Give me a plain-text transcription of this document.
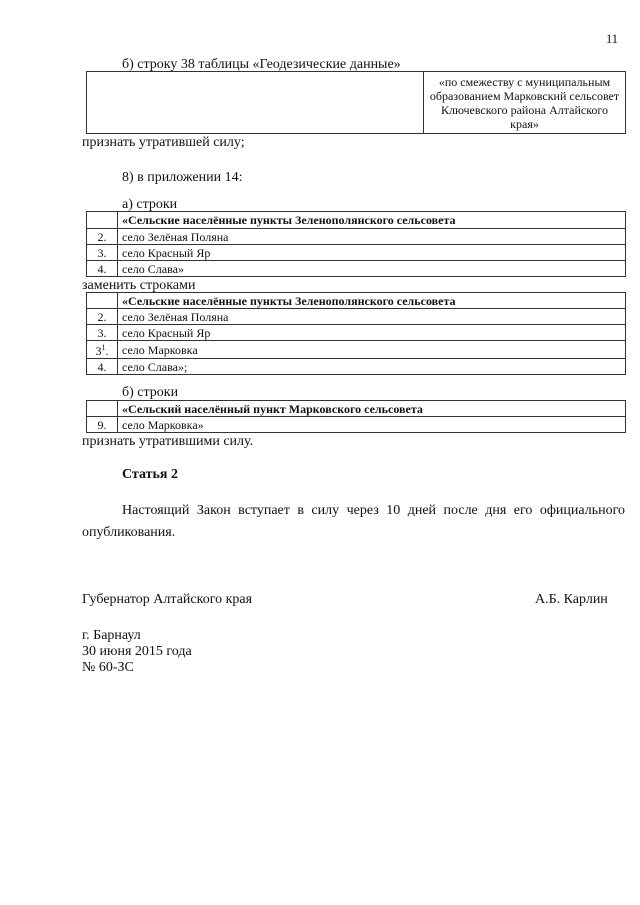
11
б) строку 38 таблицы «Геодезические данные»
	«по смежеству с муниципальным образованием Марковский сельсовет Ключевского района Алтайского края»
признать утратившей силу;
8) в приложении 14:
а) строки
	«Сельские населённые пункты Зеленополянского сельсовета
2.	село Зелёная Поляна
3.	село Красный Яр
4.	село Слава»
заменить строками
	«Сельские населённые пункты Зеленополянского сельсовета
2.	село Зелёная Поляна
3.	село Красный Яр
$3^1$.	село Марковка
4.	село Слава»;
б) строки
	«Сельский населённый пункт Марковского сельсовета
9.	село Марковка»
признать утратившими силу.
Статья 2
Настоящий Закон вступает в силу через 10 дней после дня его официального опубликования.
Губернатор Алтайского края	А.Б. Карлин
г. Барнаул
30 июня 2015 года
№ 60-ЗС
